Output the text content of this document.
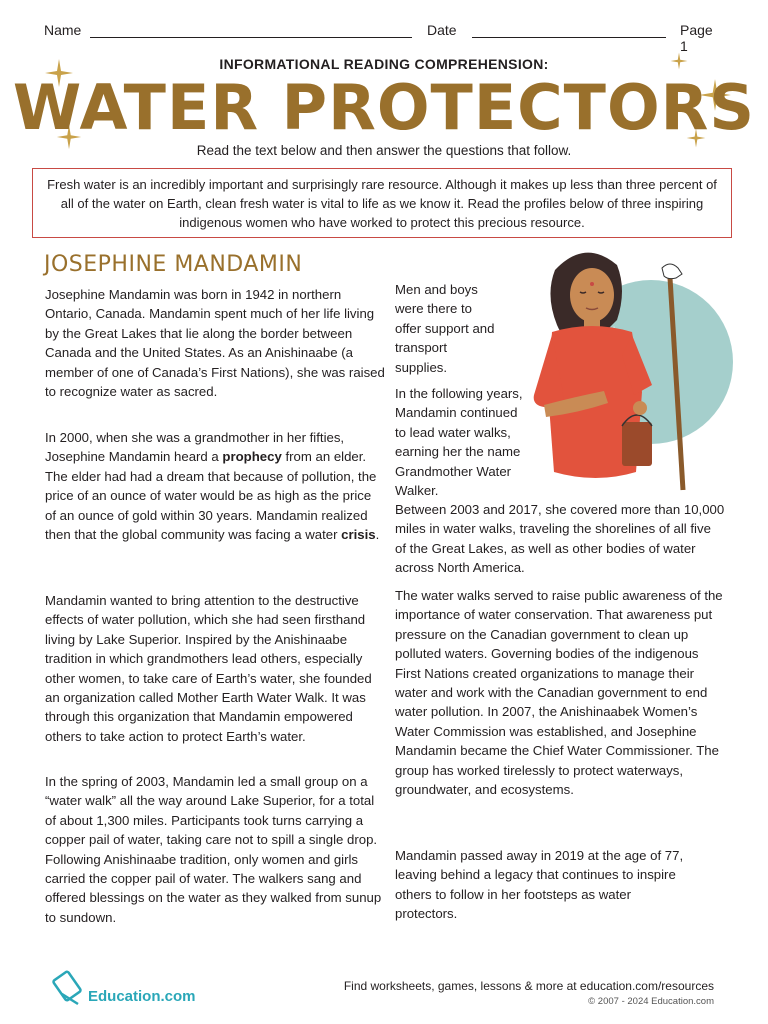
Name	Date	Page 1
INFORMATIONAL READING COMPREHENSION:
WATER PROTECTORS
Read the text below and then answer the questions that follow.
Fresh water is an incredibly important and surprisingly rare resource. Although it makes up less than three percent of all of the water on Earth, clean fresh water is vital to life as we know it. Read the profiles below of three inspiring indigenous women who have worked to protect this precious resource.
JOSEPHINE MANDAMIN

Josephine Mandamin was born in 1942 in northern Ontario, Canada. Mandamin spent much of her life living by the Great Lakes that lie along the border between Canada and the United States. As an Anishinaabe (a member of one of Canada’s First Nations), she was raised to recognize water as sacred.

In 2000, when she was a grandmother in her fifties, Josephine Mandamin heard a prophecy from an elder. The elder had had a dream that because of pollution, the price of an ounce of water would be as high as the price of an ounce of gold within 30 years. Mandamin realized then that the global community was facing a water crisis.

Mandamin wanted to bring attention to the destructive effects of water pollution, which she had seen firsthand living by Lake Superior. Inspired by the Anishinaabe tradition in which grandmothers lead others, especially other women, to take care of Earth’s water, she founded an organization called Mother Earth Water Walk. It was through this organization that Mandamin empowered others to take action to protect Earth’s water.

In the spring of 2003, Mandamin led a small group on a “water walk” all the way around Lake Superior, for a total of about 1,300 miles. Participants took turns carrying a copper pail of water, taking care not to spill a single drop. Following Anishinaabe tradition, only women and girls carried the copper pail of water. The walkers sang and offered blessings on the water as they walked from sunup to sundown.

Men and boys were there to offer support and transport supplies.

In the following years, Mandamin continued to lead water walks, earning her the name Grandmother Water Walker.

Between 2003 and 2017, she covered more than 10,000 miles in water walks, traveling the shorelines of all five of the Great Lakes, as well as other bodies of water across North America.

The water walks served to raise public awareness of the importance of water conservation. That awareness put pressure on the Canadian government to clean up polluted waters. Governing bodies of the indigenous First Nations created organizations to manage their water and work with the Canadian government to end water pollution. In 2007, the Anishinaabek Women’s Water Commission was established, and Josephine Mandamin became the Chief Water Commissioner. The group has worked tirelessly to protect waterways, groundwater, and ecosystems.

Mandamin passed away in 2019 at the age of 77, leaving behind a legacy that continues to inspire others to follow in her footsteps as water protectors.

Education.com
Find worksheets, games, lessons & more at education.com/resources
© 2007 - 2024 Education.com
